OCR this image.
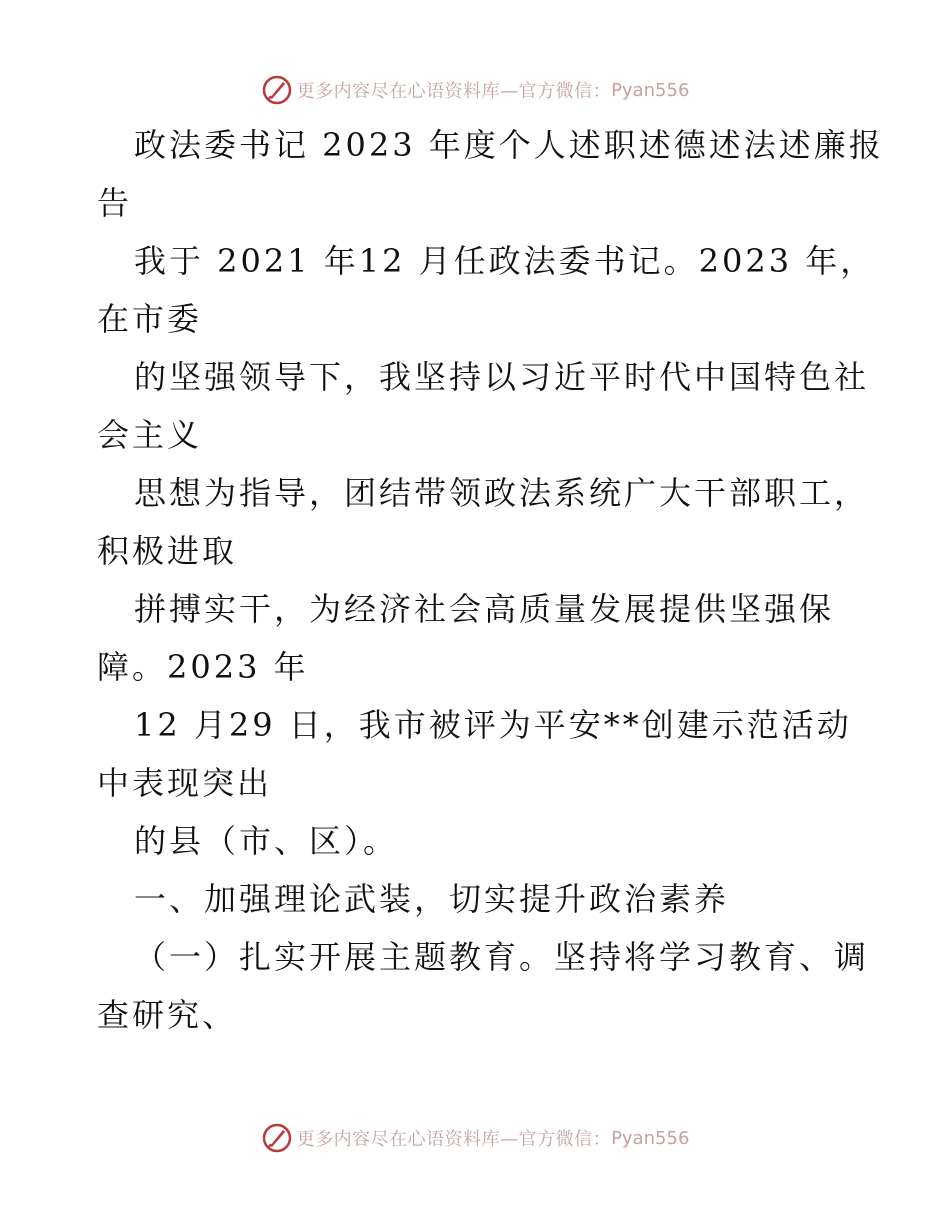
更多内容尽在心语资料库—官方微信： Pyan556
政法委书记 2023 年度个人述职述德述法述廉报
告
我于 2021 年12 月任政法委书记。2023 年，
在市委
的坚强领导下，我坚持以习近平时代中国特色社
会主义
思想为指导，团结带领政法系统广大干部职工，
积极进取
拼搏实干，为经济社会高质量发展提供坚强保
障。2023 年
12 月29 日，我市被评为平安**创建示范活动
中表现突出
的县（市、区）。
一、加强理论武装，切实提升政治素养
（一）扎实开展主题教育。坚持将学习教育、调
查研究、
更多内容尽在心语资料库—官方微信： Pyan556
